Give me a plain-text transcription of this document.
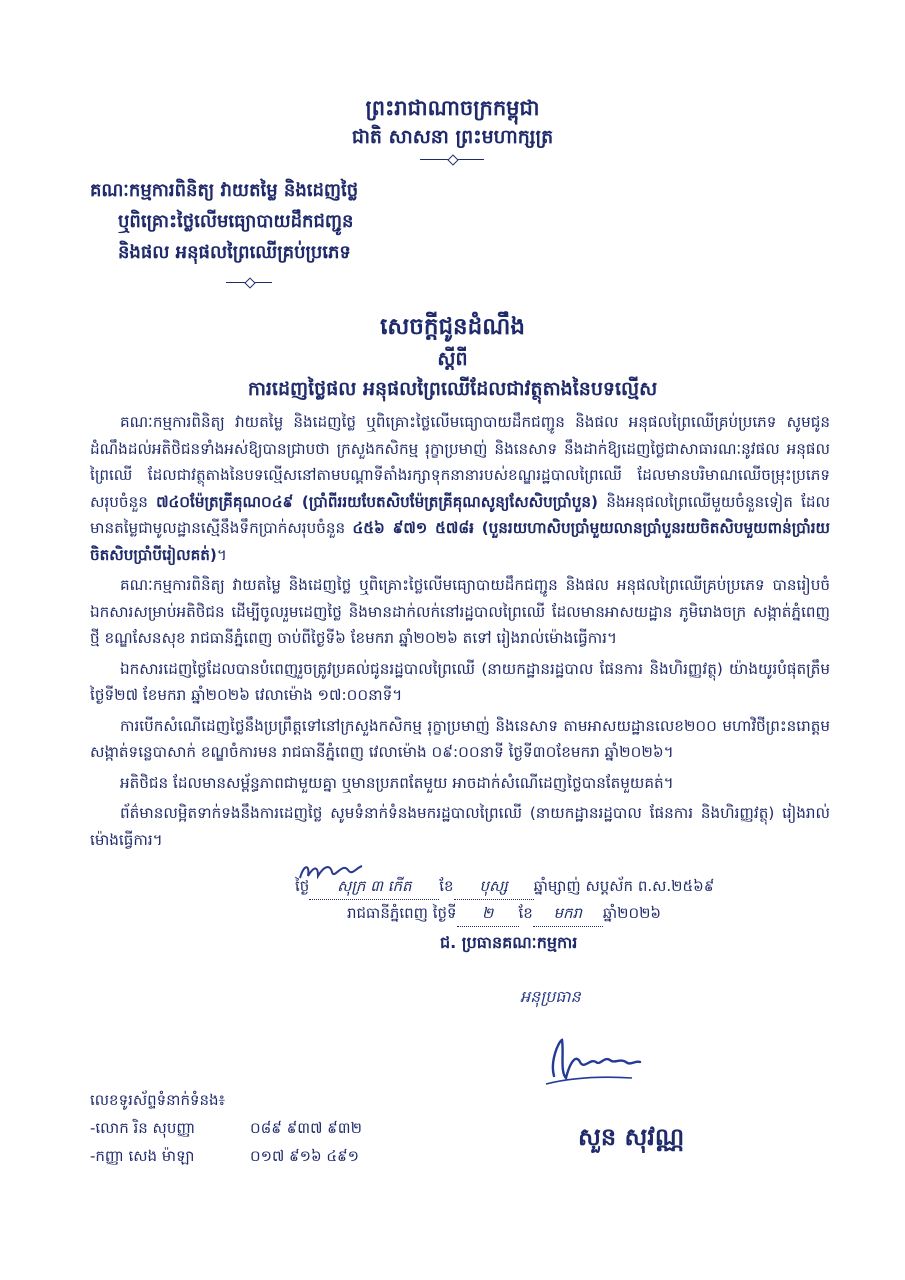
ព្រះរាជាណាចក្រកម្ពុជា
ជាតិ សាសនា ព្រះមហាក្សត្រ
គណៈកម្មការពិនិត្យ វាយតម្លៃ និងដេញថ្លៃ
ឬពិគ្រោះថ្លៃលើមធ្យោបាយដឹកជញ្ជូន
និងផល អនុផលព្រៃឈើគ្រប់ប្រភេទ
សេចក្តីជូនដំណឹង
ស្តីពី
ការដេញថ្លៃផល អនុផលព្រៃឈើដែលជាវត្ថុតាងនៃបទល្មើស

គណៈកម្មការពិនិត្យ វាយតម្លៃ និងដេញថ្លៃ ឬពិគ្រោះថ្លៃលើមធ្យោបាយដឹកជញ្ជូន និងផល អនុផលព្រៃឈើគ្រប់ប្រភេទ សូមជូនដំណឹងដល់អតិថិជនទាំងអស់ឱ្យបានជ្រាបថា ក្រសួងកសិកម្ម រុក្ខាប្រមាញ់ និងនេសាទ នឹងដាក់ឱ្យដេញថ្លៃជាសាធារណៈនូវផល អនុផលព្រៃឈើ ដែលជាវត្ថុតាងនៃបទល្មើសនៅតាមបណ្តាទីតាំងរក្សាទុកនានារបស់ខណ្ឌរដ្ឋបាលព្រៃឈើ ដែលមានបរិមាណឈើចម្រុះប្រភេទសរុបចំនួន ៧៤០ម៉ែត្រគ្រីគុណ០៤៩ (ប្រាំពីររយបែតសិបម៉ែត្រគ្រីគុណសូន្យសែសិបប្រាំបួន) និងអនុផលព្រៃឈើមួយចំនួនទៀត ដែលមានតម្លៃជាមូលដ្ឋានស្មើនឹងទឹកប្រាក់សរុបចំនួន ៤៥៦ ៩៧១ ៥៧៨៛ (បួនរយហាសិបប្រាំមួយលានប្រាំបួនរយចិតសិបមួយពាន់ប្រាំរយចិតសិបប្រាំបីរៀលគត់)។

គណៈកម្មការពិនិត្យ វាយតម្លៃ និងដេញថ្លៃ ឬពិគ្រោះថ្លៃលើមធ្យោបាយដឹកជញ្ជូន និងផល អនុផលព្រៃឈើគ្រប់ប្រភេទ បានរៀបចំឯកសារសម្រាប់អតិថិជន ដើម្បីចូលរួមដេញថ្លៃ និងមានដាក់លក់នៅរដ្ឋបាលព្រៃឈើ ដែលមានអាសយដ្ឋាន ភូមិរោងចក្រ សង្កាត់ភ្នំពេញថ្មី ខណ្ឌសែនសុខ រាជធានីភ្នំពេញ ចាប់ពីថ្ងៃទី៦ ខែមករា ឆ្នាំ២០២៦ តទៅ រៀងរាល់ម៉ោងធ្វើការ។

ឯកសារដេញថ្លៃដែលបានបំពេញរួចត្រូវប្រគល់ជូនរដ្ឋបាលព្រៃឈើ (នាយកដ្ឋានរដ្ឋបាល ផែនការ និងហិរញ្ញវត្ថុ) យ៉ាងយូរបំផុតត្រឹមថ្ងៃទី២៧ ខែមករា ឆ្នាំ២០២៦ វេលាម៉ោង ១៧:០០នាទី។

ការបើកសំណើដេញថ្លៃនឹងប្រព្រឹត្តទៅនៅក្រសួងកសិកម្ម រុក្ខាប្រមាញ់ និងនេសាទ តាមអាសយដ្ឋានលេខ២០០ មហាវិថីព្រះនរោត្តម សង្កាត់ទន្លេបាសាក់ ខណ្ឌចំការមន រាជធានីភ្នំពេញ វេលាម៉ោង ០៩:០០នាទី ថ្ងៃទី៣០ខែមករា ឆ្នាំ២០២៦។

អតិថិជន ដែលមានសម្ព័ន្ធភាពជាមួយគ្នា ឬមានប្រភពតែមួយ អាចដាក់សំណើដេញថ្លៃបានតែមួយគត់។

ព័ត៌មានលម្អិតទាក់ទងនឹងការដេញថ្លៃ សូមទំនាក់ទំនងមករដ្ឋបាលព្រៃឈើ (នាយកដ្ឋានរដ្ឋបាល ផែនការ និងហិរញ្ញវត្ថុ) រៀងរាល់ម៉ោងធ្វើការ។

ថ្ងៃ សុក្រ ៣ កើត ខែ បុស្ស ឆ្នាំម្សាញ់ សប្តស័ក ព.ស.២៥៦៩
រាជធានីភ្នំពេញ ថ្ងៃទី ២ ខែ មករា ឆ្នាំ២០២៦
ជ. ប្រធានគណៈកម្មការ
អនុប្រធាន
សួន សុវណ្ណ
លេខទូរស័ព្ទទំនាក់ទំនង៖
-លោក រិន សុបញ្ញា	០៨៩ ៩៣៧ ៩៣២
-កញ្ញា សេង ម៉ាឡា	០១៧ ៩១៦ ៤៩១
